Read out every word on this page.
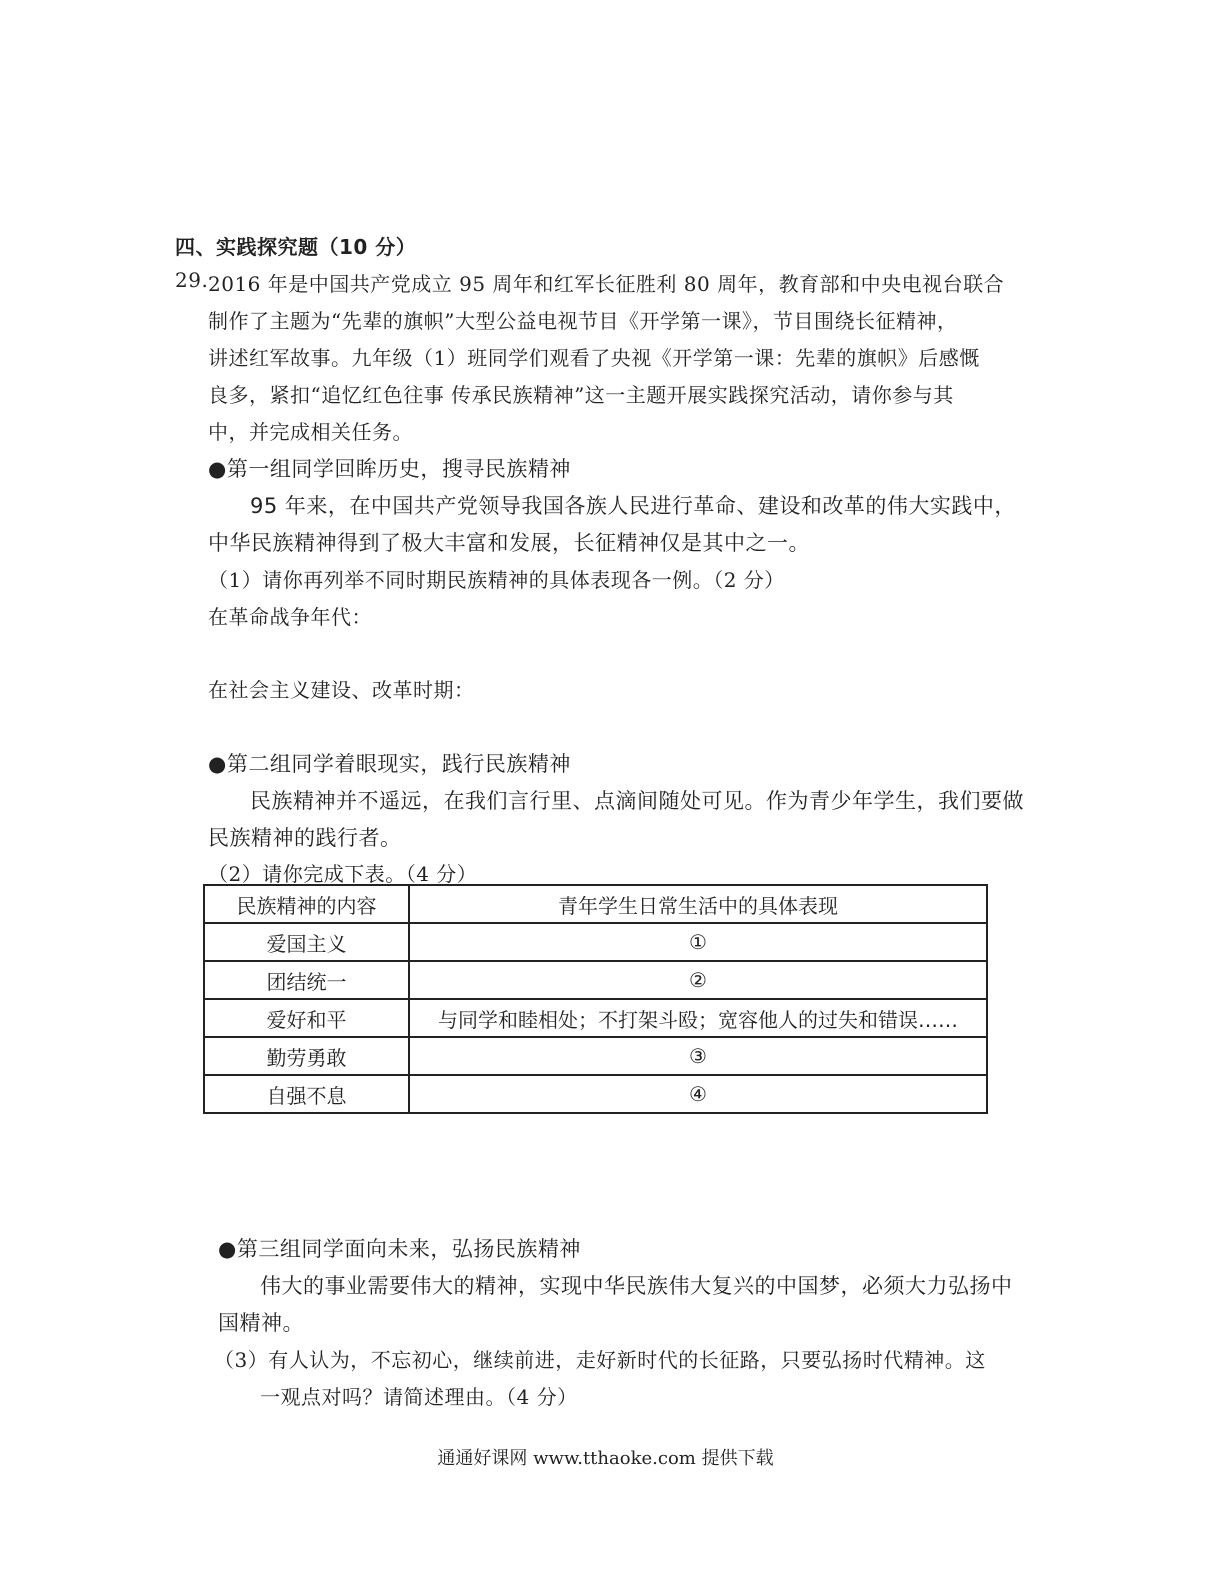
四、实践探究题（10 分）
29. 2016 年是中国共产党成立 95 周年和红军长征胜利 80 周年，教育部和中央电视台联合
制作了主题为“先辈的旗帜”大型公益电视节目《开学第一课》，节目围绕长征精神，
讲述红军故事。九年级（1）班同学们观看了央视《开学第一课：先辈的旗帜》后感慨
良多，紧扣“追忆红色往事 传承民族精神”这一主题开展实践探究活动，请你参与其
中，并完成相关任务。
●第一组同学回眸历史，搜寻民族精神
95 年来，在中国共产党领导我国各族人民进行革命、建设和改革的伟大实践中，
中华民族精神得到了极大丰富和发展，长征精神仅是其中之一。
（1）请你再列举不同时期民族精神的具体表现各一例。（2 分）
在革命战争年代：
在社会主义建设、改革时期：
●第二组同学着眼现实，践行民族精神
民族精神并不遥远，在我们言行里、点滴间随处可见。作为青少年学生，我们要做
民族精神的践行者。
（2）请你完成下表。（4 分）
民族精神的内容	青年学生日常生活中的具体表现
爱国主义	①
团结统一	②
爱好和平	与同学和睦相处；不打架斗殴；宽容他人的过失和错误……
勤劳勇敢	③
自强不息	④
●第三组同学面向未来，弘扬民族精神
伟大的事业需要伟大的精神，实现中华民族伟大复兴的中国梦，必须大力弘扬中
国精神。
（3）有人认为，不忘初心，继续前进，走好新时代的长征路，只要弘扬时代精神。这
一观点对吗？请简述理由。（4 分）
通通好课网 www.tthaoke.com 提供下载
